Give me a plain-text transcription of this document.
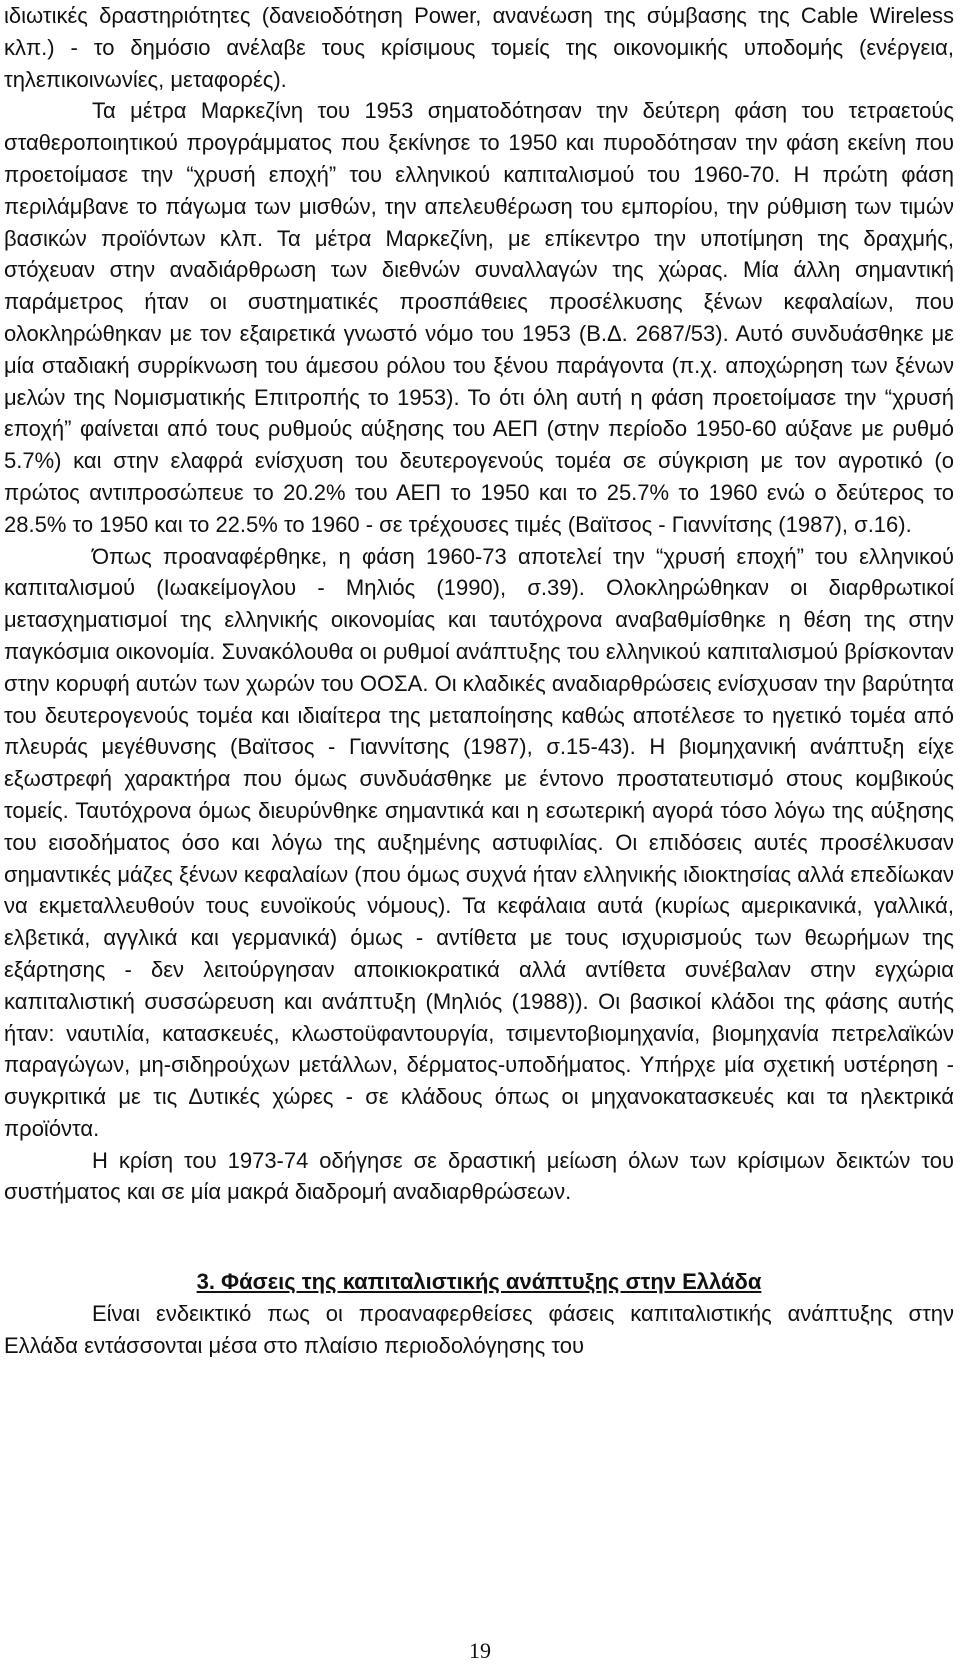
ιδιωτικές δραστηριότητες (δανειοδότηση Power, ανανέωση της σύμβασης της Cable Wireless κλπ.) - το δημόσιο ανέλαβε τους κρίσιμους τομείς της οικονομικής υποδομής (ενέργεια, τηλεπικοινωνίες, μεταφορές).

Τα μέτρα Μαρκεζίνη του 1953 σηματοδότησαν την δεύτερη φάση του τετραετούς σταθεροποιητικού προγράμματος που ξεκίνησε το 1950 και πυροδότησαν την φάση εκείνη που προετοίμασε την “χρυσή εποχή” του ελληνικού καπιταλισμού του 1960-70. Η πρώτη φάση περιλάμβανε το πάγωμα των μισθών, την απελευθέρωση του εμπορίου, την ρύθμιση των τιμών βασικών προϊόντων κλπ. Τα μέτρα Μαρκεζίνη, με επίκεντρο την υποτίμηση της δραχμής, στόχευαν στην αναδιάρθρωση των διεθνών συναλλαγών της χώρας. Μία άλλη σημαντική παράμετρος ήταν οι συστηματικές προσπάθειες προσέλκυσης ξένων κεφαλαίων, που ολοκληρώθηκαν με τον εξαιρετικά γνωστό νόμο του 1953 (Β.Δ. 2687/53). Αυτό συνδυάσθηκε με μία σταδιακή συρρίκνωση του άμεσου ρόλου του ξένου παράγοντα (π.χ. αποχώρηση των ξένων μελών της Νομισματικής Επιτροπής το 1953). Το ότι όλη αυτή η φάση προετοίμασε την “χρυσή εποχή” φαίνεται από τους ρυθμούς αύξησης του ΑΕΠ (στην περίοδο 1950-60 αύξανε με ρυθμό 5.7%) και στην ελαφρά ενίσχυση του δευτερογενούς τομέα σε σύγκριση με τον αγροτικό (ο πρώτος αντιπροσώπευε το 20.2% του ΑΕΠ το 1950 και το 25.7% το 1960 ενώ ο δεύτερος το 28.5% το 1950 και το 22.5% το 1960 - σε τρέχουσες τιμές (Βαϊτσος - Γιαννίτσης (1987), σ.16).

Όπως προαναφέρθηκε, η φάση 1960-73 αποτελεί την “χρυσή εποχή” του ελληνικού καπιταλισμού (Ιωακείμογλου - Μηλιός (1990), σ.39). Ολοκληρώθηκαν οι διαρθρωτικοί μετασχηματισμοί της ελληνικής οικονομίας και ταυτόχρονα αναβαθμίσθηκε η θέση της στην παγκόσμια οικονομία. Συνακόλουθα οι ρυθμοί ανάπτυξης του ελληνικού καπιταλισμού βρίσκονταν στην κορυφή αυτών των χωρών του ΟΟΣΑ. Οι κλαδικές αναδιαρθρώσεις ενίσχυσαν την βαρύτητα του δευτερογενούς τομέα και ιδιαίτερα της μεταποίησης καθώς αποτέλεσε το ηγετικό τομέα από πλευράς μεγέθυνσης (Βαϊτσος - Γιαννίτσης (1987), σ.15-43). Η βιομηχανική ανάπτυξη είχε εξωστρεφή χαρακτήρα που όμως συνδυάσθηκε με έντονο προστατευτισμό στους κομβικούς τομείς. Ταυτόχρονα όμως διευρύνθηκε σημαντικά και η εσωτερική αγορά τόσο λόγω της αύξησης του εισοδήματος όσο και λόγω της αυξημένης αστυφιλίας. Οι επιδόσεις αυτές προσέλκυσαν σημαντικές μάζες ξένων κεφαλαίων (που όμως συχνά ήταν ελληνικής ιδιοκτησίας αλλά επεδίωκαν να εκμεταλλευθούν τους ευνοϊκούς νόμους). Τα κεφάλαια αυτά (κυρίως αμερικανικά, γαλλικά, ελβετικά, αγγλικά και γερμανικά) όμως - αντίθετα με τους ισχυρισμούς των θεωρήμων της εξάρτησης - δεν λειτούργησαν αποικιοκρατικά αλλά αντίθετα συνέβαλαν στην εγχώρια καπιταλιστική συσσώρευση και ανάπτυξη (Μηλιός (1988)). Οι βασικοί κλάδοι της φάσης αυτής ήταν: ναυτιλία, κατασκευές, κλωστοϋφαντουργία, τσιμεντοβιομηχανία, βιομηχανία πετρελαϊκών παραγώγων, μη-σιδηρούχων μετάλλων, δέρματος-υποδήματος. Υπήρχε μία σχετική υστέρηση - συγκριτικά με τις Δυτικές χώρες - σε κλάδους όπως οι μηχανοκατασκευές και τα ηλεκτρικά προϊόντα.

Η κρίση του 1973-74 οδήγησε σε δραστική μείωση όλων των κρίσιμων δεικτών του συστήματος και σε μία μακρά διαδρομή αναδιαρθρώσεων.

3. Φάσεις της καπιταλιστικής ανάπτυξης στην Ελλάδα

Είναι ενδεικτικό πως οι προαναφερθείσες φάσεις καπιταλιστικής ανάπτυξης στην Ελλάδα εντάσσονται μέσα στο πλαίσιο περιοδολόγησης του

19
